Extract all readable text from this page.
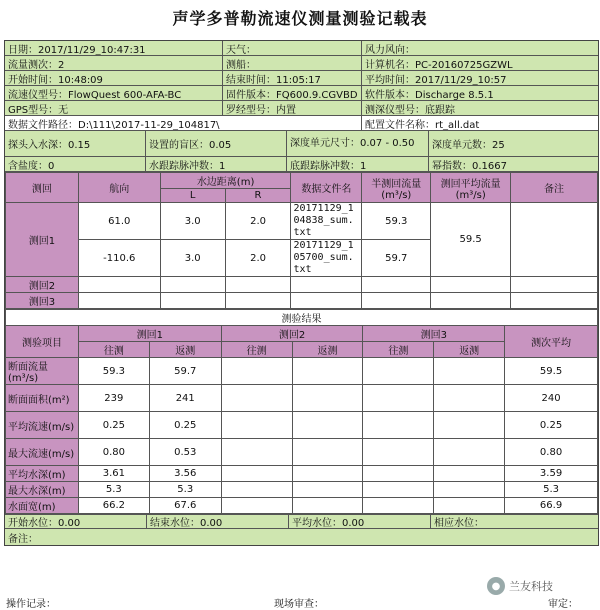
声学多普勒流速仪测量测验记载表
日期：2017/11/29_10:47:31	天气：	风力风向：
流量测次：2	测船：	计算机名：PC-20160725GZWL
开始时间：10:48:09	结束时间：11:05:17	平均时间：2017/11/29_10:57
流速仪型号：FlowQuest 600-AFA-BC	固件版本：FQ600.9.CGVBD 软件版本：Discharge 8.5.1
GPS型号：无	罗经型号：内置	测深仪型号：底跟踪
数据文件路径：D:\111\2017-11-29_104817\	配置文件名称：rt_all.dat
探头入水深：0.15	设置的盲区：0.05	深度单元尺寸：0.07 - 0.50	深度单元数：25
含盐度：0	水跟踪脉冲数：1	底跟踪脉冲数：1	幂指数：0.1667
测回	航向	水边距离(m)		数据文件名	半测回流量(m³/s)	测回平均流量(m³/s)	备注
		L	R				
测回1	61.0	3.0	2.0	20171129_104838_sum.txt	59.3	59.5	
	-110.6	3.0	2.0	20171129_105700_sum.txt	59.7		
测回2							
测回3							
测验结果							
测验项目	测回1		测回2		测回3		测次平均
	往测	返测	往测	返测	往测	返测	
断面流量(m³/s)	59.3	59.7					59.5
断面面积(m²)	239	241					240
平均流速(m/s)	0.25	0.25					0.25
最大流速(m/s)	0.80	0.53					0.80
平均水深(m)	3.61	3.56					3.59
最大水深(m)	5.3	5.3					5.3
水面宽(m)	66.2	67.6					66.9
开始水位：0.00	结束水位：0.00	平均水位：0.00	相应水位：
备注：
操作记录：	现场审查：	审定：
● 兰友科技
